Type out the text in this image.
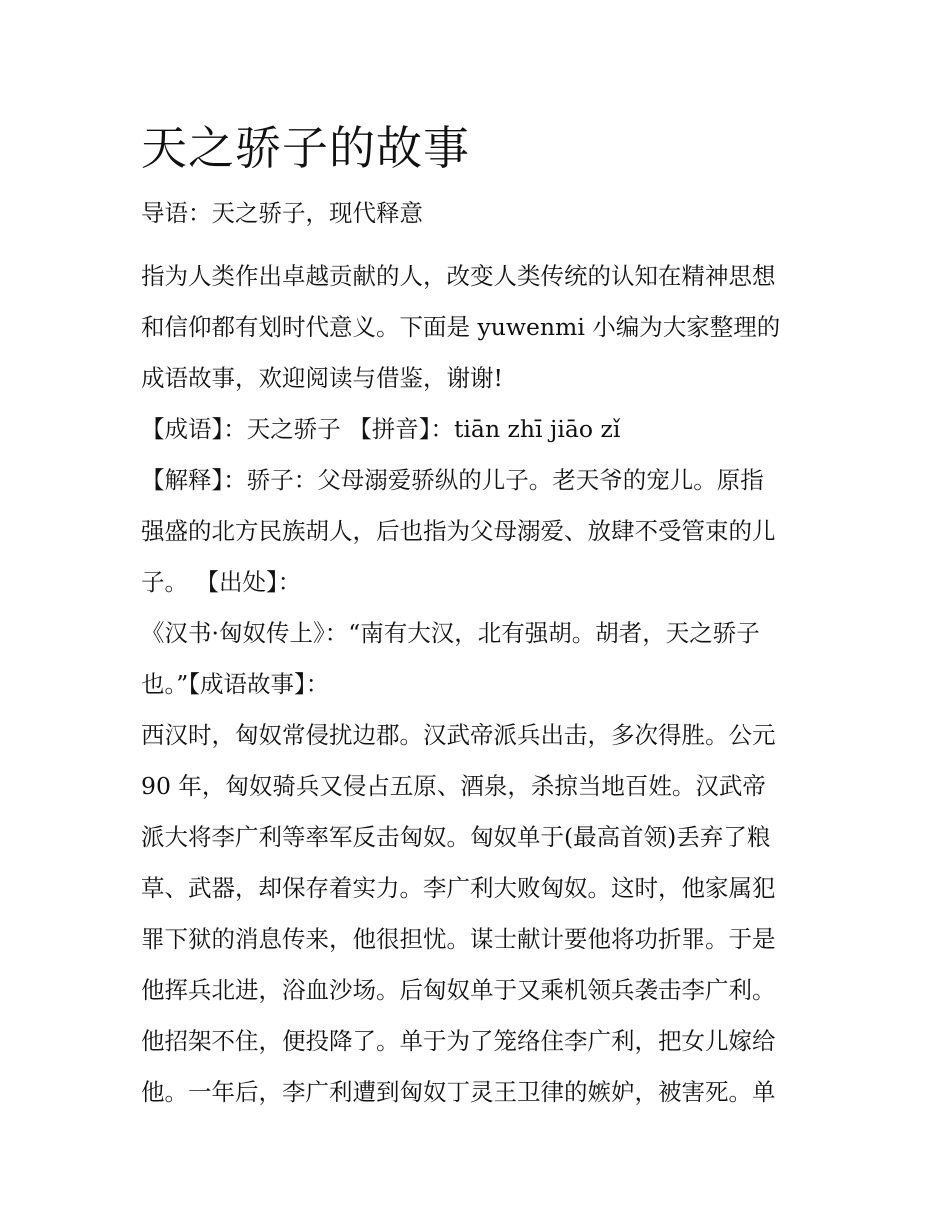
天之骄子的故事

导语：天之骄子，现代释意

指为人类作出卓越贡献的人，改变人类传统的认知在精神思想

和信仰都有划时代意义。下面是 yuwenmi 小编为大家整理的

成语故事，欢迎阅读与借鉴，谢谢!

【成语】：天之骄子 【拼音】：tiān zhī jiāo zǐ

【解释】：骄子：父母溺爱骄纵的儿子。老天爷的宠儿。原指

强盛的北方民族胡人，后也指为父母溺爱、放肆不受管束的儿

子。 【出处】：

《汉书·匈奴传上》：“南有大汉，北有强胡。胡者，天之骄子

也。”【成语故事】：

西汉时，匈奴常侵扰边郡。汉武帝派兵出击，多次得胜。公元

90 年，匈奴骑兵又侵占五原、酒泉，杀掠当地百姓。汉武帝

派大将李广利等率军反击匈奴。匈奴单于(最高首领)丢弃了粮

草、武器，却保存着实力。李广利大败匈奴。这时，他家属犯

罪下狱的消息传来，他很担忧。谋士献计要他将功折罪。于是

他挥兵北进，浴血沙场。后匈奴单于又乘机领兵袭击李广利。

他招架不住，便投降了。单于为了笼络住李广利，把女儿嫁给

他。一年后，李广利遭到匈奴丁灵王卫律的嫉妒，被害死。单
